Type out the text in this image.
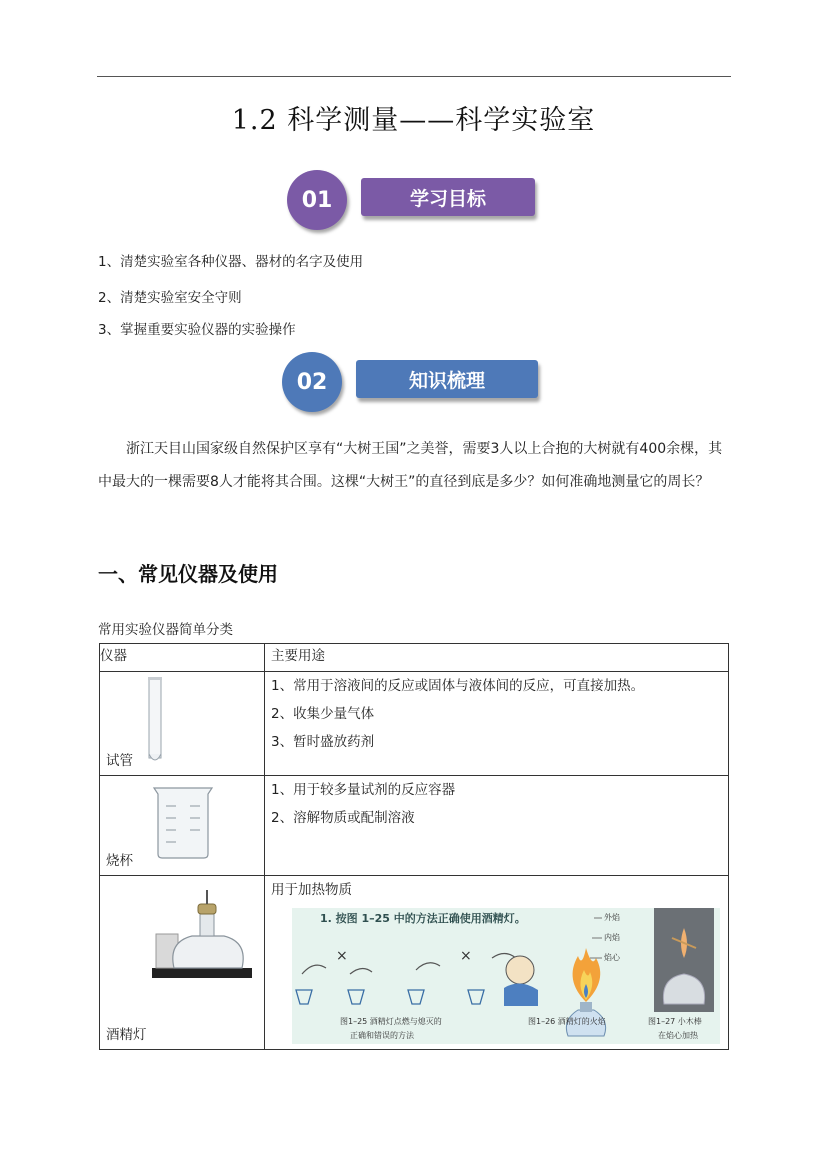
1.2 科学测量——科学实验室
01	学习目标
1、清楚实验室各种仪器、器材的名字及使用
2、清楚实验室安全守则
3、掌握重要实验仪器的实验操作
02	知识梳理
浙江天目山国家级自然保护区享有“大树王国”之美誉，需要3人以上合抱的大树就有400余棵，其中最大的一棵需要8人才能将其合围。这棵“大树王”的直径到底是多少？如何准确地测量它的周长？
一、常见仪器及使用
常用实验仪器简单分类
仪器	主要用途

试管	1、常用于溶液间的反应或固体与液体间的反应，可直接加热。
2、收集少量气体
3、暂时盛放药剂

烧杯	1、用于较多量试剂的反应容器
2、溶解物质或配制溶液

酒精灯	用于加热物质
1. 按图 1–25 中的方法正确使用酒精灯。
×	×
外焰
内焰
焰心
图1–25 酒精灯点燃与熄灭的
正确和错误的方法
图1–26 酒精灯的火焰	图1–27 小木棒
在焰心加热
